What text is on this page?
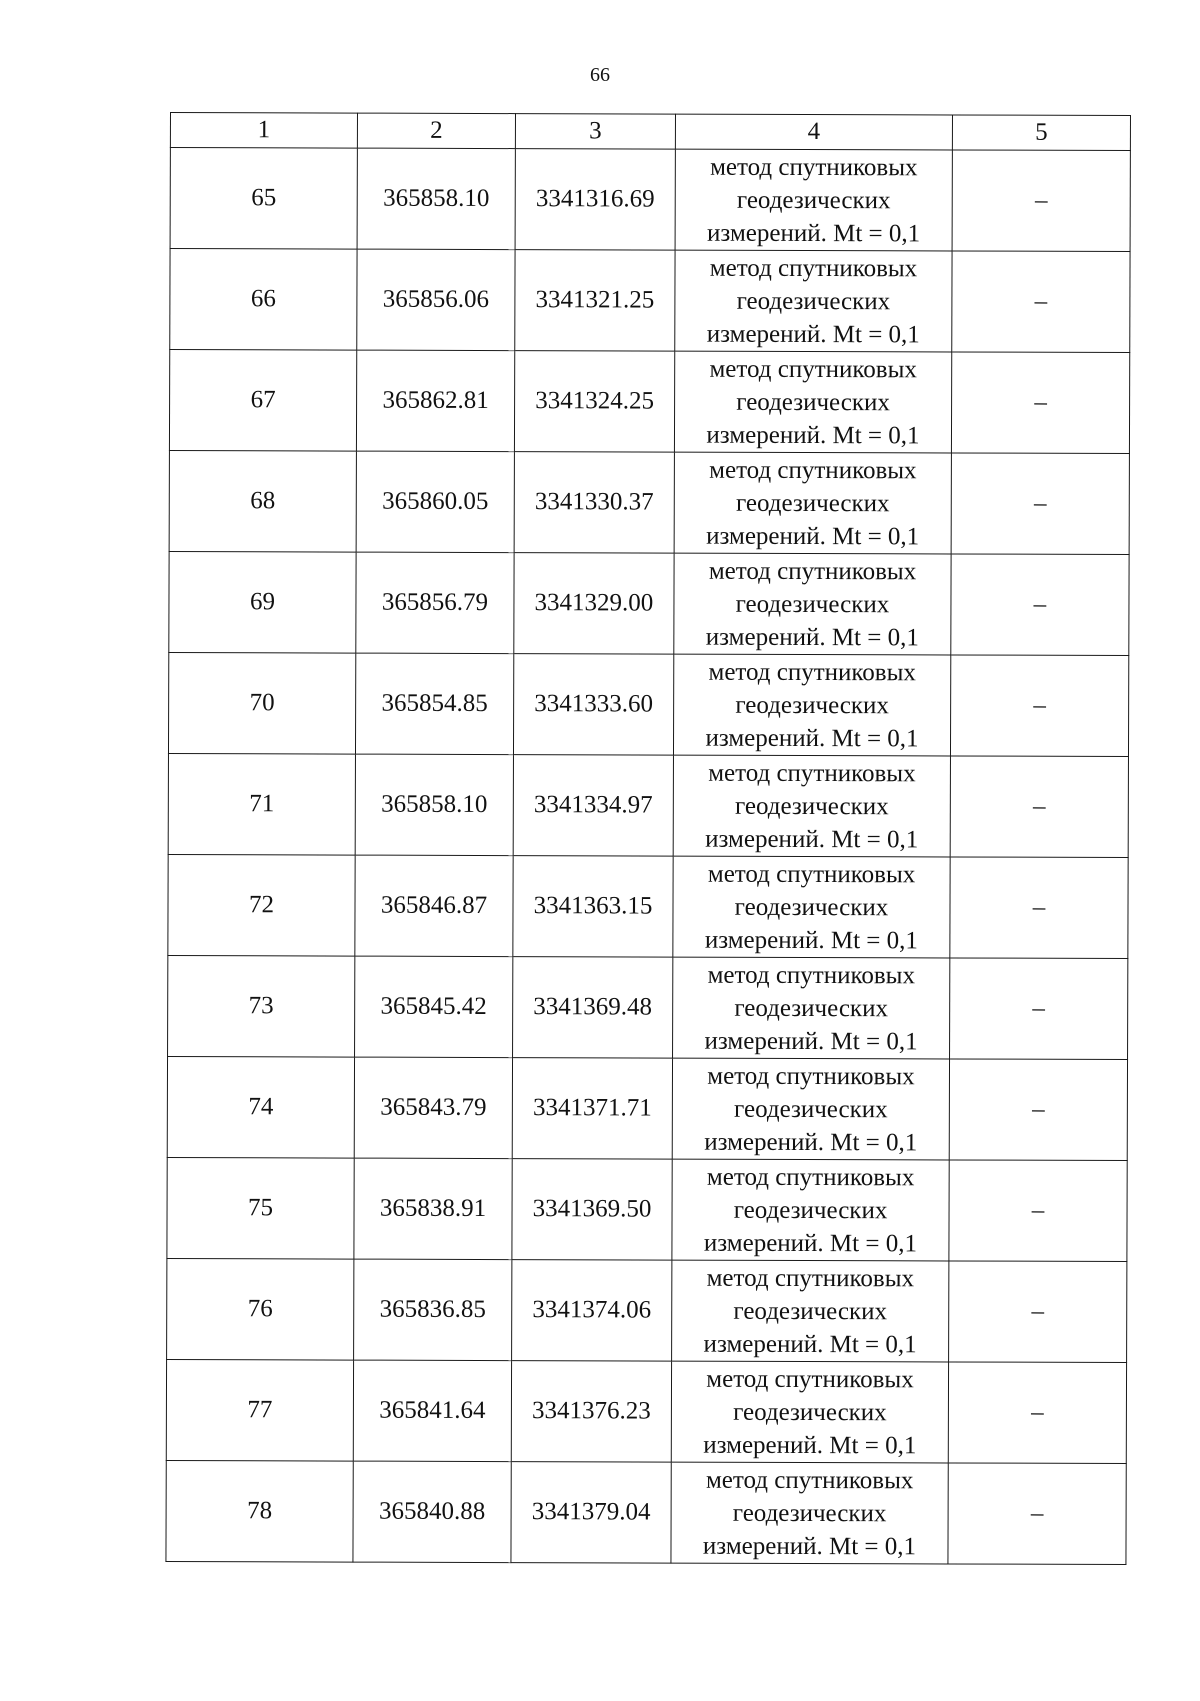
66
1	2	3	4	5
65	365858.10	3341316.69	метод спутниковых
геодезических
измерений. Mt = 0,1	–
66	365856.06	3341321.25	метод спутниковых
геодезических
измерений. Mt = 0,1	–
67	365862.81	3341324.25	метод спутниковых
геодезических
измерений. Mt = 0,1	–
68	365860.05	3341330.37	метод спутниковых
геодезических
измерений. Mt = 0,1	–
69	365856.79	3341329.00	метод спутниковых
геодезических
измерений. Mt = 0,1	–
70	365854.85	3341333.60	метод спутниковых
геодезических
измерений. Mt = 0,1	–
71	365858.10	3341334.97	метод спутниковых
геодезических
измерений. Mt = 0,1	–
72	365846.87	3341363.15	метод спутниковых
геодезических
измерений. Mt = 0,1	–
73	365845.42	3341369.48	метод спутниковых
геодезических
измерений. Mt = 0,1	–
74	365843.79	3341371.71	метод спутниковых
геодезических
измерений. Mt = 0,1	–
75	365838.91	3341369.50	метод спутниковых
геодезических
измерений. Mt = 0,1	–
76	365836.85	3341374.06	метод спутниковых
геодезических
измерений. Mt = 0,1	–
77	365841.64	3341376.23	метод спутниковых
геодезических
измерений. Mt = 0,1	–
78	365840.88	3341379.04	метод спутниковых
геодезических
измерений. Mt = 0,1	–
